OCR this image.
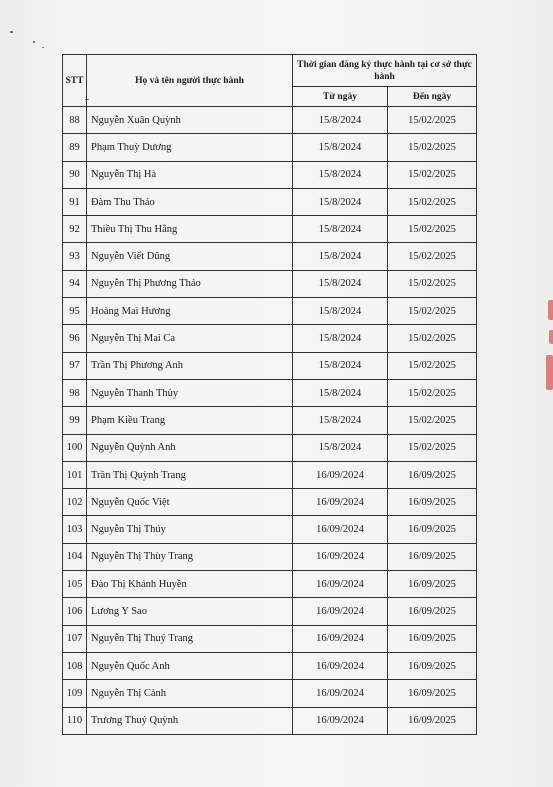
STT	Họ và tên người thực hành	Thời gian đăng ký thực hành tại cơ sở thực hành	
		Từ ngày	Đến ngày
88	Nguyễn Xuân Quỳnh	15/8/2024	15/02/2025
89	Phạm Thuỳ Dương	15/8/2024	15/02/2025
90	Nguyễn Thị Hà	15/8/2024	15/02/2025
91	Đàm Thu Thảo	15/8/2024	15/02/2025
92	Thiều Thị Thu Hằng	15/8/2024	15/02/2025
93	Nguyễn Viết Dũng	15/8/2024	15/02/2025
94	Nguyễn Thị Phương Thảo	15/8/2024	15/02/2025
95	Hoàng Mai Hương	15/8/2024	15/02/2025
96	Nguyễn Thị Mai Ca	15/8/2024	15/02/2025
97	Trần Thị Phương Anh	15/8/2024	15/02/2025
98	Nguyễn Thanh Thủy	15/8/2024	15/02/2025
99	Phạm Kiều Trang	15/8/2024	15/02/2025
100	Nguyễn Quỳnh Anh	15/8/2024	15/02/2025
101	Trần Thị Quỳnh Trang	16/09/2024	16/09/2025
102	Nguyễn Quốc Việt	16/09/2024	16/09/2025
103	Nguyễn Thị Thúy	16/09/2024	16/09/2025
104	Nguyễn Thị Thùy Trang	16/09/2024	16/09/2025
105	Đào Thị Khánh Huyền	16/09/2024	16/09/2025
106	Lương Y Sao	16/09/2024	16/09/2025
107	Nguyễn Thị Thuý Trang	16/09/2024	16/09/2025
108	Nguyễn Quốc Anh	16/09/2024	16/09/2025
109	Nguyễn Thị Cảnh	16/09/2024	16/09/2025
110	Trương Thuý Quỳnh	16/09/2024	16/09/2025
